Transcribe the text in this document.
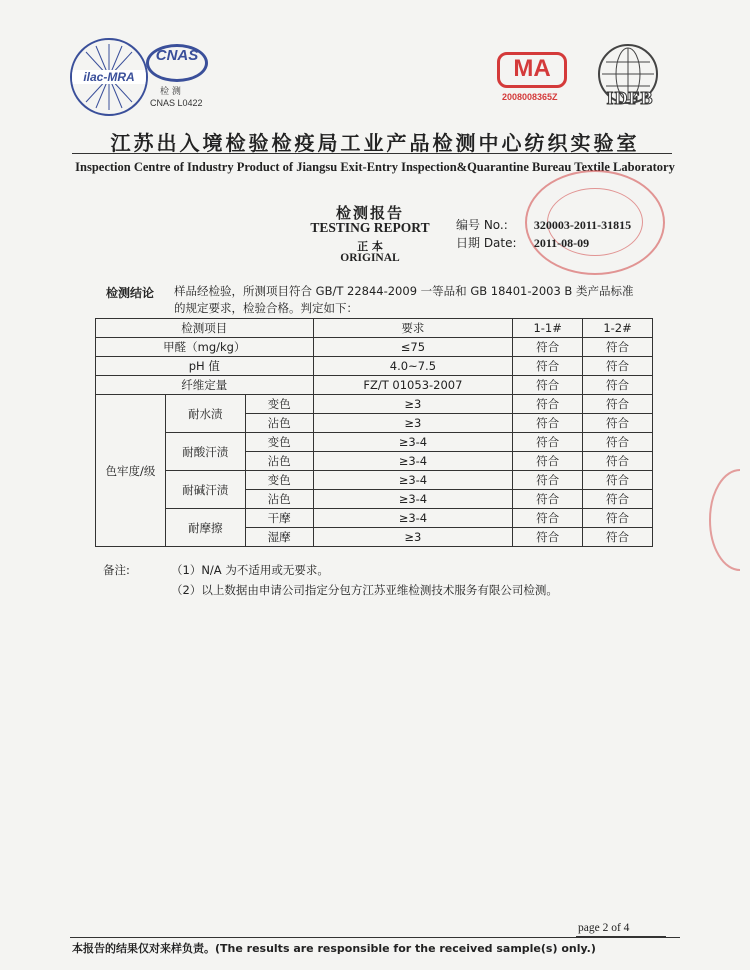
ilac-MRA
CNAS
检 测
CNAS L0422
MA
2008008365Z	IDFB
江苏出入境检验检疫局工业产品检测中心纺织实验室
Inspection Centre of Industry Product of Jiangsu Exit-Entry Inspection&Quarantine Bureau Textile Laboratory
检测报告
TESTING REPORT
正 本
ORIGINAL
编号 No.: 320003-2011-31815
日期 Date: 2011-08-09
检测结论 样品经检验，所测项目符合 GB/T 22844-2009 一等品和 GB 18401-2003 B 类产品标准
的规定要求，检验合格。判定如下：
检测项目			要求	1-1#	1-2#
甲醛（mg/kg）			≤75	符合	符合
pH 值			4.0~7.5	符合	符合
纤维定量			FZ/T 01053-2007	符合	符合
色牢度/级	耐水渍	变色	≥3	符合	符合
		沾色	≥3	符合	符合
	耐酸汗渍	变色	≥3-4	符合	符合
		沾色	≥3-4	符合	符合
	耐碱汗渍	变色	≥3-4	符合	符合
		沾色	≥3-4	符合	符合
	耐摩擦	干摩	≥3-4	符合	符合
		湿摩	≥3	符合	符合
备注:	（1）N/A 为不适用或无要求。
（2）以上数据由申请公司指定分包方江苏亚维检测技术服务有限公司检测。
page 2 of 4
本报告的结果仅对来样负责。(The results are responsible for the received sample(s) only.)
